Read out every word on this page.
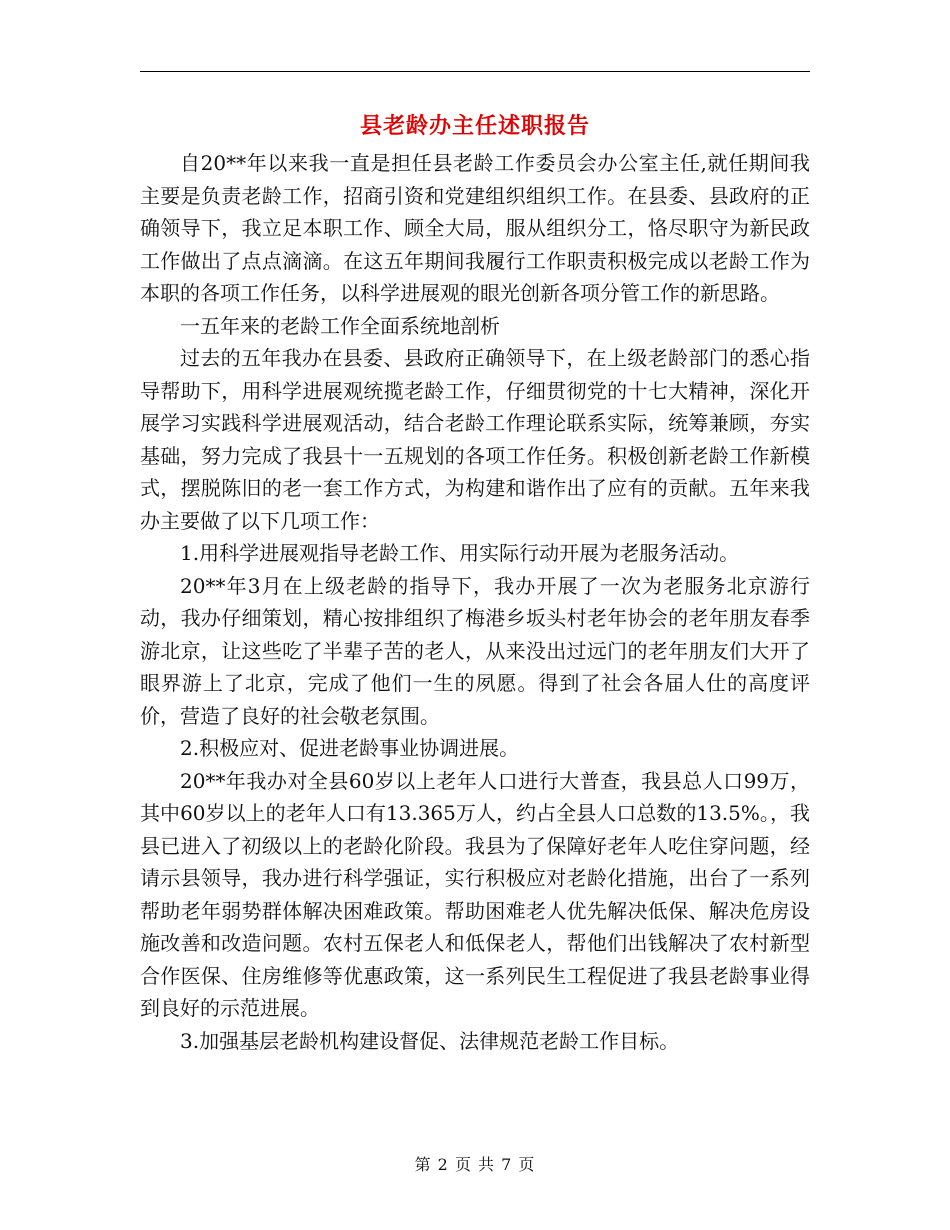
县老龄办主任述职报告

自20**年以来我一直是担任县老龄工作委员会办公室主任,就任期间我主要是负责老龄工作，招商引资和党建组织组织工作。在县委、县政府的正确领导下，我立足本职工作、顾全大局，服从组织分工，恪尽职守为新民政工作做出了点点滴滴。在这五年期间我履行工作职责积极完成以老龄工作为本职的各项工作任务，以科学进展观的眼光创新各项分管工作的新思路。

一五年来的老龄工作全面系统地剖析

过去的五年我办在县委、县政府正确领导下，在上级老龄部门的悉心指导帮助下，用科学进展观统揽老龄工作，仔细贯彻党的十七大精神，深化开展学习实践科学进展观活动，结合老龄工作理论联系实际，统筹兼顾，夯实基础，努力完成了我县十一五规划的各项工作任务。积极创新老龄工作新模式，摆脱陈旧的老一套工作方式，为构建和谐作出了应有的贡献。五年来我办主要做了以下几项工作：

1.用科学进展观指导老龄工作、用实际行动开展为老服务活动。

20**年3月在上级老龄的指导下，我办开展了一次为老服务北京游行动，我办仔细策划，精心按排组织了梅港乡坂头村老年协会的老年朋友春季游北京，让这些吃了半辈子苦的老人，从来没出过远门的老年朋友们大开了眼界游上了北京，完成了他们一生的夙愿。得到了社会各届人仕的高度评价，营造了良好的社会敬老氛围。

2.积极应对、促进老龄事业协调进展。

20**年我办对全县60岁以上老年人口进行大普查，我县总人口99万，其中60岁以上的老年人口有13.365万人，约占全县人口总数的13.5%。，我县已进入了初级以上的老龄化阶段。我县为了保障好老年人吃住穿问题，经请示县领导，我办进行科学强证，实行积极应对老龄化措施，出台了一系列帮助老年弱势群体解决困难政策。帮助困难老人优先解决低保、解决危房设施改善和改造问题。农村五保老人和低保老人，帮他们出钱解决了农村新型合作医保、住房维修等优惠政策，这一系列民生工程促进了我县老龄事业得到良好的示范进展。

3.加强基层老龄机构建设督促、法律规范老龄工作目标。

第 2 页 共 7 页
